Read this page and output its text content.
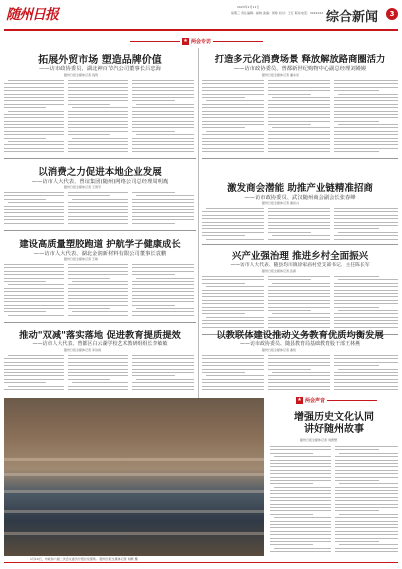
随州日报	2023年1月11日
星期三 责任编辑：崔晓 美编：周艳 校对：王红 联系电话：3222222 综合新闻	3
★ 两会专访
拓展外贸市场 塑造品牌价值
——访市政协委员、湖北神百节汽公司董事长吕忠海
随州日报全媒体记者 钱利
打造多元化消费场景 释放解放路商圈活力
——访市政协委员、曾都新世纪购物中心副总经理刘嫚嫚
随州日报全媒体记者 潘永亮
以消费之力促进本地企业发展
——访市人大代表、曾谊集团(随州)网络公司总经理周明胤
随州日报全媒体记者 王建芳	激发商会潜能 助推产业链精准招商
——访市政协委员、武汉随州商会副会长张春峰
随州日报全媒体记者 谢恒兴
建设高质量塑胶跑道 护航学子健康成长
——访市人大代表、湖北金润新材料有限公司董事长袁鹏
随州日报全媒体记者 王敏	兴产业强治理 推进乡村全面振兴
——访市人大代表、随县均川镇徐家庙村党支部书记、主任陈长军
随州日报全媒体记者 张颖
推动"双减"落实落地 促进教育提质提效
——访市人大代表、曾都区白云湖学校艺术教研组组长李敏敏
随州日报全媒体记者 李诗雨
以教联体建设推动义务教育优质均衡发展
——访市政协委员、随县教育局基础教育股干部王林燕
随州日报全媒体记者 谢恒
1月10日，市政协六届二次会议委员分组讨论现场。 随州日报全媒体记者 刘帆 摄
★ 两会声音
增强历史文化认同
讲好随州故事
随州日报全媒体记者 刘德慧
